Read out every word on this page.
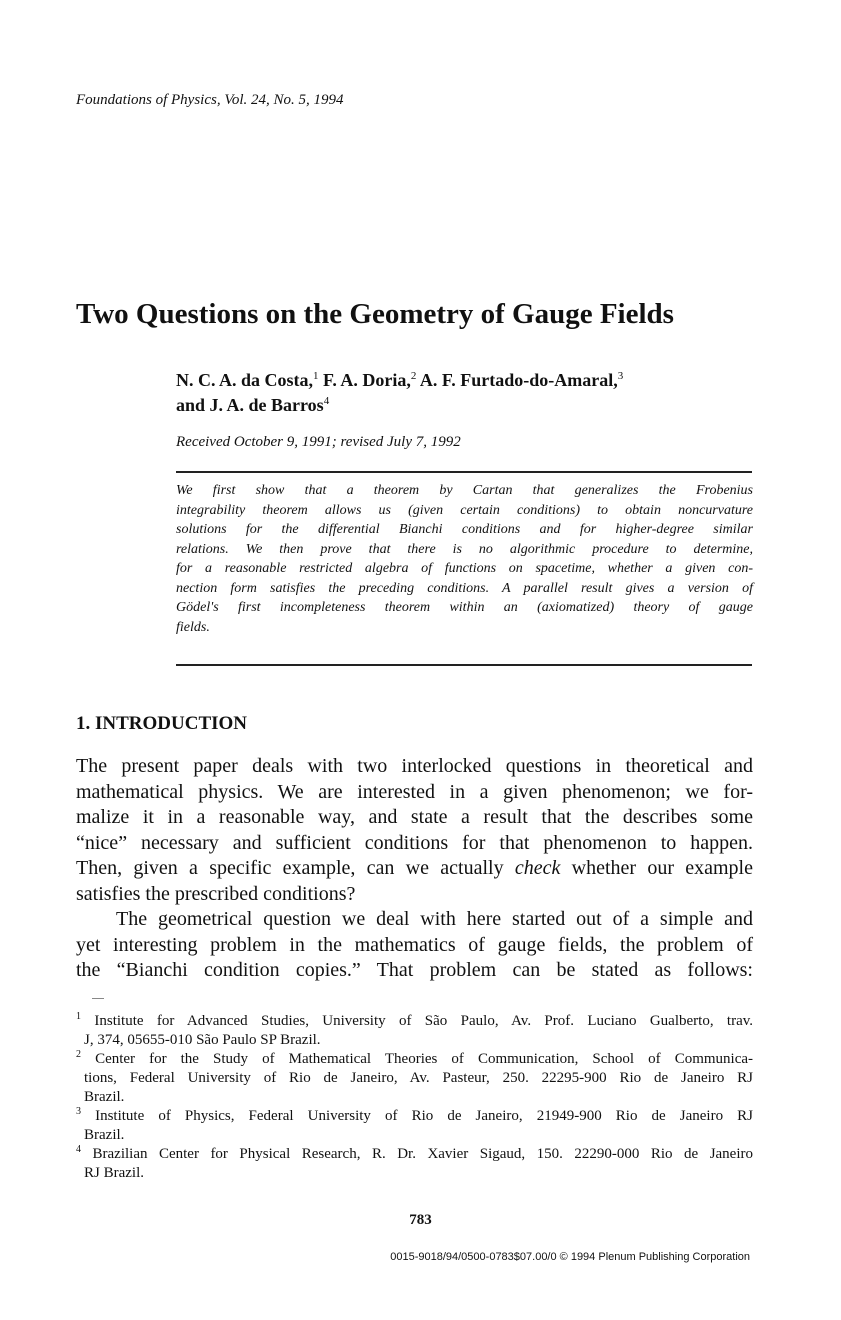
Foundations of Physics, Vol. 24, No. 5, 1994
Two Questions on the Geometry of Gauge Fields
N. C. A. da Costa,$^1$ F. A. Doria,$^2$ A. F. Furtado-do-Amaral,$^3$
and J. A. de Barros$^4$
Received October 9, 1991; revised July 7, 1992
We first show that a theorem by Cartan that generalizes the Frobenius
integrability theorem allows us (given certain conditions) to obtain noncurvature
solutions for the differential Bianchi conditions and for higher-degree similar
relations. We then prove that there is no algorithmic procedure to determine,
for a reasonable restricted algebra of functions on spacetime, whether a given con-
nection form satisfies the preceding conditions. A parallel result gives a version of
Gödel's first incompleteness theorem within an (axiomatized) theory of gauge
fields.
1. INTRODUCTION
The present paper deals with two interlocked questions in theoretical and
mathematical physics. We are interested in a given phenomenon; we for-
malize it in a reasonable way, and state a result that the describes some
“nice” necessary and sufficient conditions for that phenomenon to happen.
Then, given a specific example, can we actually check whether our example
satisfies the prescribed conditions?
The geometrical question we deal with here started out of a simple and
yet interesting problem in the mathematics of gauge fields, the problem of
the “Bianchi condition copies.” That problem can be stated as follows:
$^1$ Institute for Advanced Studies, University of São Paulo, Av. Prof. Luciano Gualberto, trav.
J, 374, 05655-010 São Paulo SP Brazil.
$^2$ Center for the Study of Mathematical Theories of Communication, School of Communica-
tions, Federal University of Rio de Janeiro, Av. Pasteur, 250. 22295-900 Rio de Janeiro RJ
Brazil.
$^3$ Institute of Physics, Federal University of Rio de Janeiro, 21949-900 Rio de Janeiro RJ
Brazil.
$^4$ Brazilian Center for Physical Research, R. Dr. Xavier Sigaud, 150. 22290-000 Rio de Janeiro
RJ Brazil.
783
0015-9018/94/0500-0783$07.00/0 © 1994 Plenum Publishing Corporation
